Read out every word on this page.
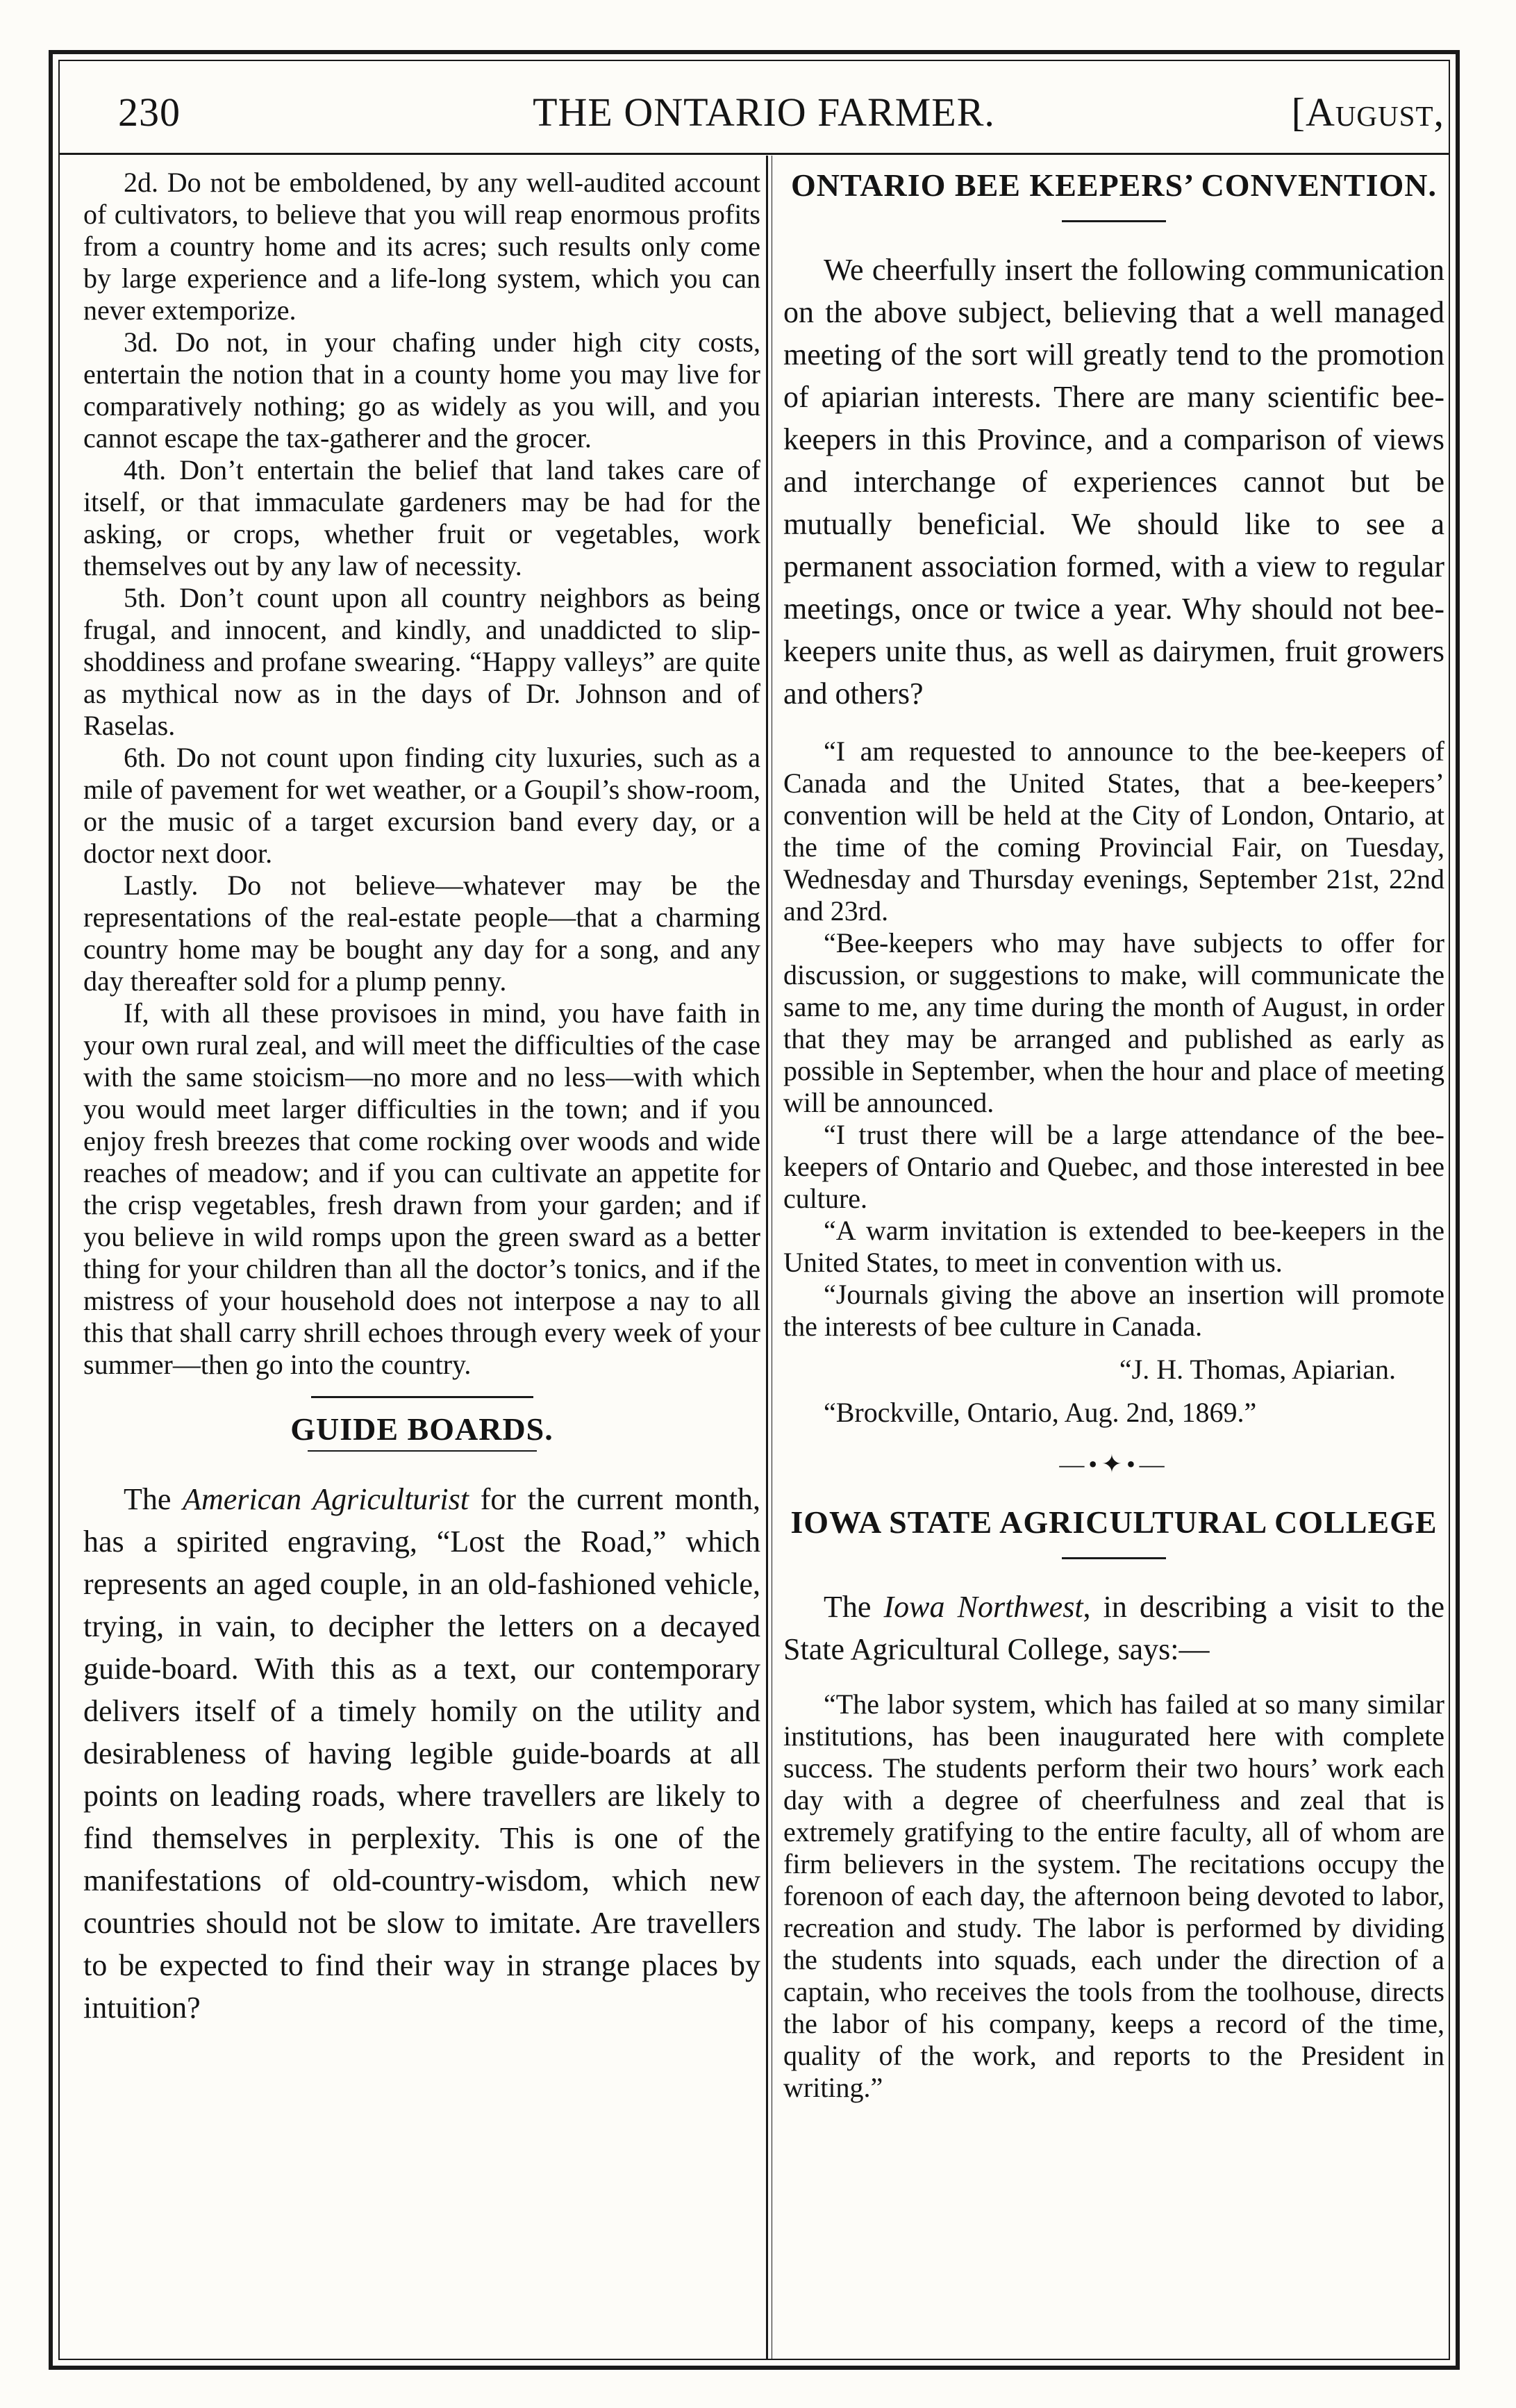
230	THE ONTARIO FARMER.	[August,

2d. Do not be emboldened, by any well-audited account of cultivators, to believe that you will reap enormous profits from a country home and its acres; such results only come by large experience and a life-long system, which you can never extemporize.

3d. Do not, in your chafing under high city costs, entertain the notion that in a county home you may live for comparatively nothing; go as widely as you will, and you cannot escape the tax-gatherer and the grocer.

4th. Don’t entertain the belief that land takes care of itself, or that immaculate gardeners may be had for the asking, or crops, whether fruit or vegetables, work themselves out by any law of necessity.

5th. Don’t count upon all country neighbors as being frugal, and innocent, and kindly, and unaddicted to slip-shoddiness and profane swearing. “Happy valleys” are quite as mythical now as in the days of Dr. Johnson and of Raselas.

6th. Do not count upon finding city luxuries, such as a mile of pavement for wet weather, or a Goupil’s show-room, or the music of a target excursion band every day, or a doctor next door.

Lastly. Do not believe—whatever may be the representations of the real-estate people—that a charming country home may be bought any day for a song, and any day thereafter sold for a plump penny.

If, with all these provisoes in mind, you have faith in your own rural zeal, and will meet the difficulties of the case with the same stoicism—no more and no less—with which you would meet larger difficulties in the town; and if you enjoy fresh breezes that come rocking over woods and wide reaches of meadow; and if you can cultivate an appetite for the crisp vegetables, fresh drawn from your garden; and if you believe in wild romps upon the green sward as a better thing for your children than all the doctor’s tonics, and if the mistress of your household does not interpose a nay to all this that shall carry shrill echoes through every week of your summer—then go into the country.

GUIDE BOARDS.

The American Agriculturist for the current month, has a spirited engraving, “Lost the Road,” which represents an aged couple, in an old-fashioned vehicle, trying, in vain, to decipher the letters on a decayed guide-board. With this as a text, our contemporary delivers itself of a timely homily on the utility and desirableness of having legible guide-boards at all points on leading roads, where travellers are likely to find themselves in perplexity. This is one of the manifestations of old-country-wisdom, which new countries should not be slow to imitate. Are travellers to be expected to find their way in strange places by intuition?

ONTARIO BEE KEEPERS’ CONVENTION.

We cheerfully insert the following communication on the above subject, believing that a well managed meeting of the sort will greatly tend to the promotion of apiarian interests. There are many scientific bee-keepers in this Province, and a comparison of views and interchange of experiences cannot but be mutually beneficial. We should like to see a permanent association formed, with a view to regular meetings, once or twice a year. Why should not bee-keepers unite thus, as well as dairymen, fruit growers and others?

“I am requested to announce to the bee-keepers of Canada and the United States, that a bee-keepers’ convention will be held at the City of London, Ontario, at the time of the coming Provincial Fair, on Tuesday, Wednesday and Thursday evenings, September 21st, 22nd and 23rd.

“Bee-keepers who may have subjects to offer for discussion, or suggestions to make, will communicate the same to me, any time during the month of August, in order that they may be arranged and published as early as possible in September, when the hour and place of meeting will be announced.

“I trust there will be a large attendance of the bee-keepers of Ontario and Quebec, and those interested in bee culture.

“A warm invitation is extended to bee-keepers in the United States, to meet in convention with us.

“Journals giving the above an insertion will promote the interests of bee culture in Canada.

“J. H. Thomas, Apiarian.

“Brockville, Ontario, Aug. 2nd, 1869.”

—•✦•—
IOWA STATE AGRICULTURAL COLLEGE

The Iowa Northwest, in describing a visit to the State Agricultural College, says:—

“The labor system, which has failed at so many similar institutions, has been inaugurated here with complete success. The students perform their two hours’ work each day with a degree of cheerfulness and zeal that is extremely gratifying to the entire faculty, all of whom are firm believers in the system. The recitations occupy the forenoon of each day, the afternoon being devoted to labor, recreation and study. The labor is performed by dividing the students into squads, each under the direction of a captain, who receives the tools from the toolhouse, directs the labor of his company, keeps a record of the time, quality of the work, and reports to the President in writing.”
